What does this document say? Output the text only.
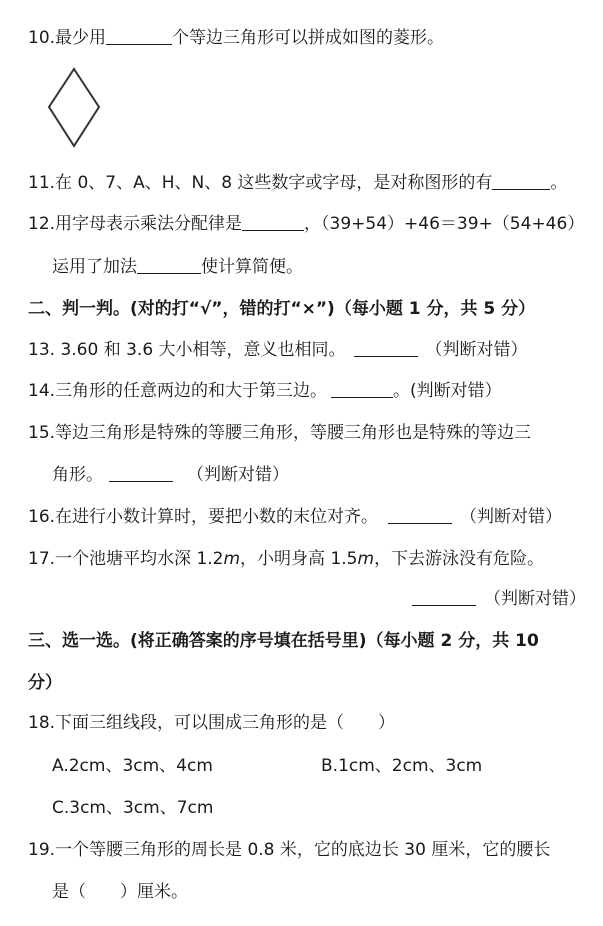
10.最少用	个等边三角形可以拼成如图的菱形。
11.在 0、7、A、H、N、8 这些数字或字母，是对称图形的有	。
12.用字母表示乘法分配律是	，（39+54）+46＝39+（54+46）
运用了加法	使计算简便。
二、判一判。(对的打“√”，错的打“×”)（每小题 1 分，共 5 分）
13. 3.60 和 3.6 大小相等，意义也相同。	（判断对错）
14.三角形的任意两边的和大于第三边。	。(判断对错）
15.等边三角形是特殊的等腰三角形，等腰三角形也是特殊的等边三
角形。	（判断对错）
16.在进行小数计算时，要把小数的末位对齐。	（判断对错）
17.一个池塘平均水深 1.2m，小明身高 1.5m，下去游泳没有危险。
（判断对错）
三、选一选。(将正确答案的序号填在括号里)（每小题 2 分，共 10
分）
18.下面三组线段，可以围成三角形的是（　　）
A.2cm、3cm、4cm	B.1cm、2cm、3cm
C.3cm、3cm、7cm
19.一个等腰三角形的周长是 0.8 米，它的底边长 30 厘米，它的腰长
是（　　）厘米。
